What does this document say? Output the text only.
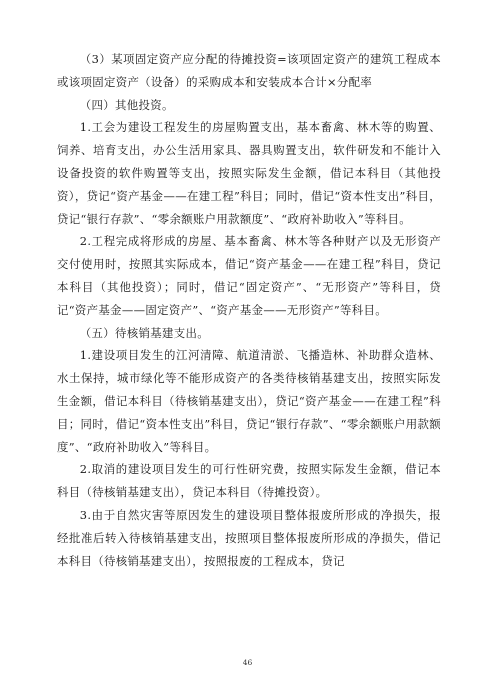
（3）某项固定资产应分配的待摊投资=该项固定资产的建筑工程成本或该项固定资产（设备）的采购成本和安装成本合计×分配率

（四）其他投资。

1.工会为建设工程发生的房屋购置支出，基本畜禽、林木等的购置、饲养、培育支出，办公生活用家具、器具购置支出，软件研发和不能计入设备投资的软件购置等支出，按照实际发生金额，借记本科目（其他投资），贷记“资产基金——在建工程”科目；同时，借记“资本性支出”科目，贷记“银行存款”、“零余额账户用款额度”、“政府补助收入”等科目。

2.工程完成将形成的房屋、基本畜禽、林木等各种财产以及无形资产交付使用时，按照其实际成本，借记“资产基金——在建工程”科目，贷记本科目（其他投资）；同时，借记“固定资产”、“无形资产”等科目，贷记“资产基金——固定资产”、“资产基金——无形资产”等科目。

（五）待核销基建支出。

1.建设项目发生的江河清障、航道清淤、飞播造林、补助群众造林、水土保持，城市绿化等不能形成资产的各类待核销基建支出，按照实际发生金额，借记本科目（待核销基建支出），贷记“资产基金——在建工程”科目；同时，借记“资本性支出”科目，贷记“银行存款”、“零余额账户用款额度”、“政府补助收入”等科目。

2.取消的建设项目发生的可行性研究费，按照实际发生金额，借记本科目（待核销基建支出），贷记本科目（待摊投资）。

3.由于自然灾害等原因发生的建设项目整体报废所形成的净损失，报经批准后转入待核销基建支出，按照项目整体报废所形成的净损失，借记本科目（待核销基建支出），按照报废的工程成本，贷记

46
